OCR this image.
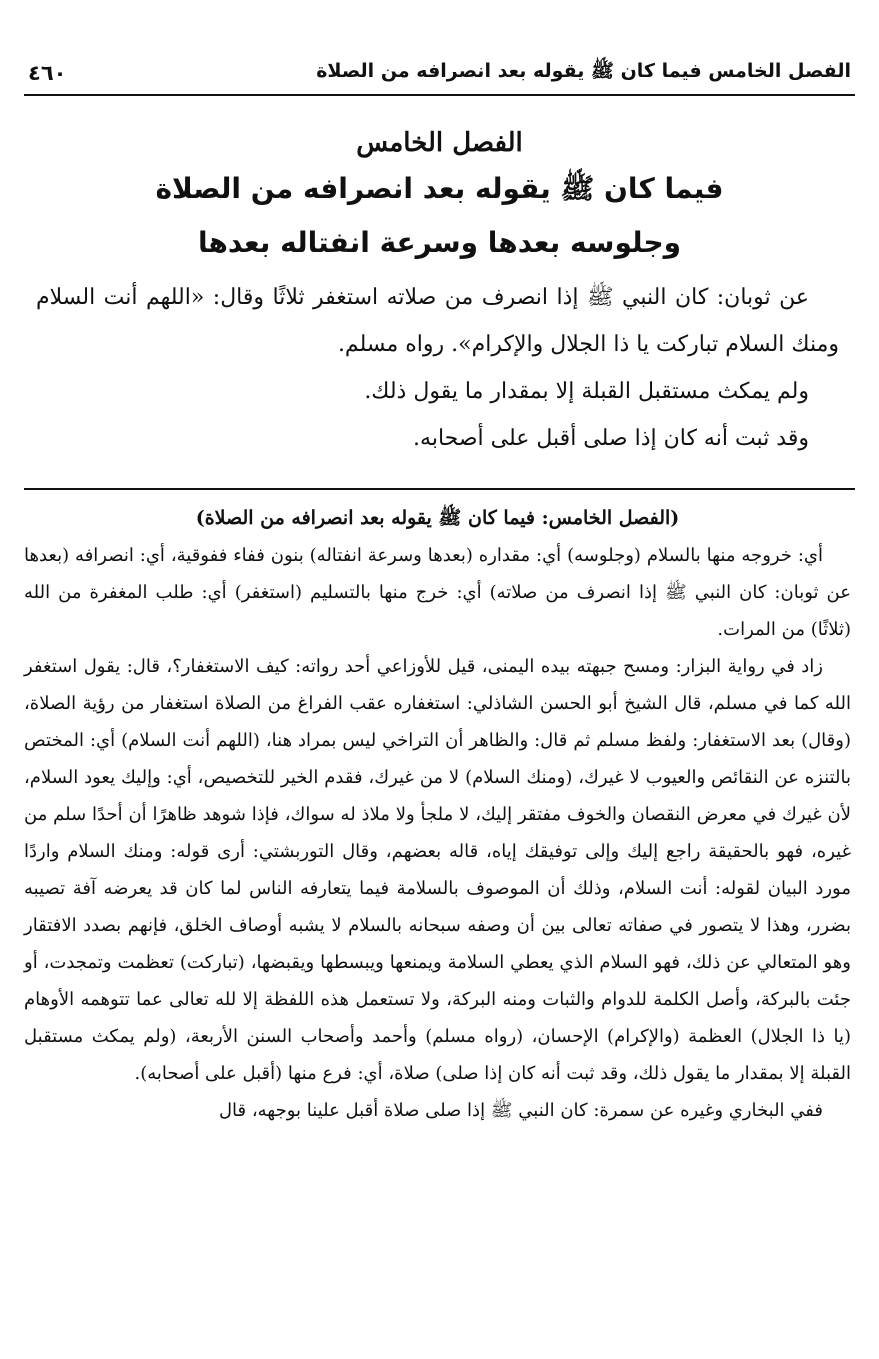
الفصل الخامس فيما كان ﷺ يقوله بعد انصرافه من الصلاة
٤٦٠
الفصل الخامس
فيما كان ﷺ يقوله بعد انصرافه من الصلاة
وجلوسه بعدها وسرعة انفتاله بعدها

عن ثوبان: كان النبي ﷺ إذا انصرف من صلاته استغفر ثلاثًا وقال: «اللهم أنت السلام ومنك السلام تباركت يا ذا الجلال والإكرام». رواه مسلم.

ولم يمكث مستقبل القبلة إلا بمقدار ما يقول ذلك.

وقد ثبت أنه كان إذا صلى أقبل على أصحابه.

(الفصل الخامس: فيما كان ﷺ يقوله بعد انصرافه من الصلاة)

أي: خروجه منها بالسلام (وجلوسه) أي: مقداره (بعدها وسرعة انفتاله) بنون ففاء ففوقية، أي: انصرافه (بعدها عن ثوبان: كان النبي ﷺ إذا انصرف من صلاته) أي: خرج منها بالتسليم (استغفر) أي: طلب المغفرة من الله (ثلاثًا) من المرات.

زاد في رواية البزار: ومسح جبهته بيده اليمنى، قيل للأوزاعي أحد رواته: كيف الاستغفار؟، قال: يقول استغفر الله كما في مسلم، قال الشيخ أبو الحسن الشاذلي: استغفاره عقب الفراغ من الصلاة استغفار من رؤية الصلاة، (وقال) بعد الاستغفار: ولفظ مسلم ثم قال: والظاهر أن التراخي ليس بمراد هنا، (اللهم أنت السلام) أي: المختص بالتنزه عن النقائص والعيوب لا غيرك، (ومنك السلام) لا من غيرك، فقدم الخير للتخصيص، أي: وإليك يعود السلام، لأن غيرك في معرض النقصان والخوف مفتقر إليك، لا ملجأ ولا ملاذ له سواك، فإذا شوهد ظاهرًا أن أحدًا سلم من غيره، فهو بالحقيقة راجع إليك وإلى توفيقك إياه، قاله بعضهم، وقال التوربشتي: أرى قوله: ومنك السلام واردًا مورد البيان لقوله: أنت السلام، وذلك أن الموصوف بالسلامة فيما يتعارفه الناس لما كان قد يعرضه آفة تصيبه بضرر، وهذا لا يتصور في صفاته تعالى بين أن وصفه سبحانه بالسلام لا يشبه أوصاف الخلق، فإنهم بصدد الافتقار وهو المتعالي عن ذلك، فهو السلام الذي يعطي السلامة ويمنعها ويبسطها ويقبضها، (تباركت) تعظمت وتمجدت، أو جئت بالبركة، وأصل الكلمة للدوام والثبات ومنه البركة، ولا تستعمل هذه اللفظة إلا لله تعالى عما تتوهمه الأوهام (يا ذا الجلال) العظمة (والإكرام) الإحسان، (رواه مسلم) وأحمد وأصحاب السنن الأربعة، (ولم يمكث مستقبل القبلة إلا بمقدار ما يقول ذلك، وقد ثبت أنه كان إذا صلى) صلاة، أي: فرع منها (أقبل على أصحابه).

ففي البخاري وغيره عن سمرة: كان النبي ﷺ إذا صلى صلاة أقبل علينا بوجهه، قال
